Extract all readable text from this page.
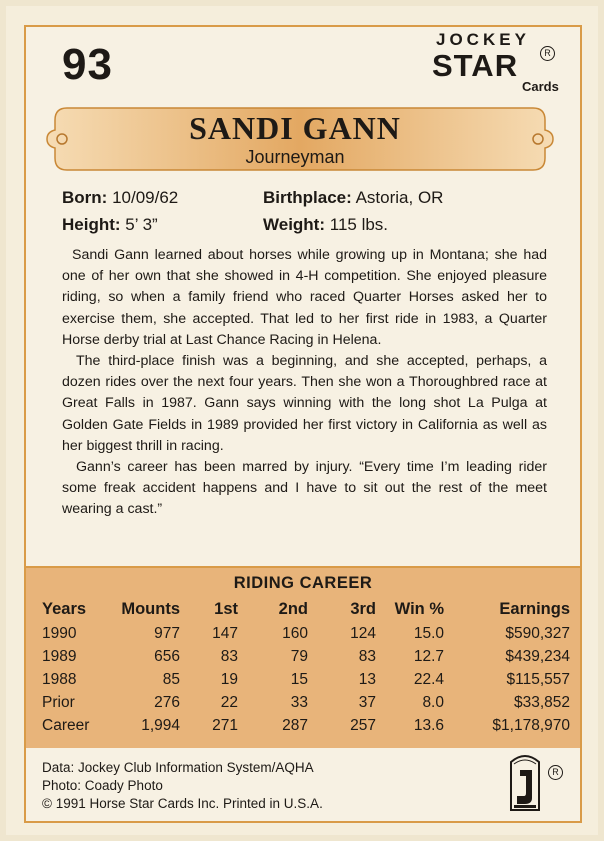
93
JOCKEY
STAR	R
Cards
SANDI GANN
Journeyman
Born: 10/09/62	Birthplace: Astoria, OR
Height: 5’ 3”	Weight: 115 lbs.

Sandi Gann learned about horses while growing up in Montana; she had one of her own that she showed in 4-H competition. She enjoyed pleasure riding, so when a family friend who raced Quarter Horses asked her to exercise them, she accepted. That led to her first ride in 1983, a Quarter Horse derby trial at Last Chance Racing in Helena.

The third-place finish was a beginning, and she accepted, perhaps, a dozen rides over the next four years. Then she won a Thoroughbred race at Great Falls in 1987. Gann says winning with the long shot La Pulga at Golden Gate Fields in 1989 provided her first victory in California as well as her biggest thrill in racing.

Gann’s career has been marred by injury. “Every time I’m leading rider some freak accident happens and I have to sit out the rest of the meet wearing a cast.”

RIDING CAREER
Years	Mounts	1st	2nd	3rd	Win %	Earnings
1990	977	147	160	124	15.0	$590,327
1989	656	83	79	83	12.7	$439,234
1988	85	19	15	13	22.4	$115,557
Prior	276	22	33	37	8.0	$33,852
Career	1,994	271	287	257	13.6	$1,178,970
Data: Jockey Club Information System/AQHA
Photo: Coady Photo
© 1991 Horse Star Cards Inc. Printed in U.S.A.
R
